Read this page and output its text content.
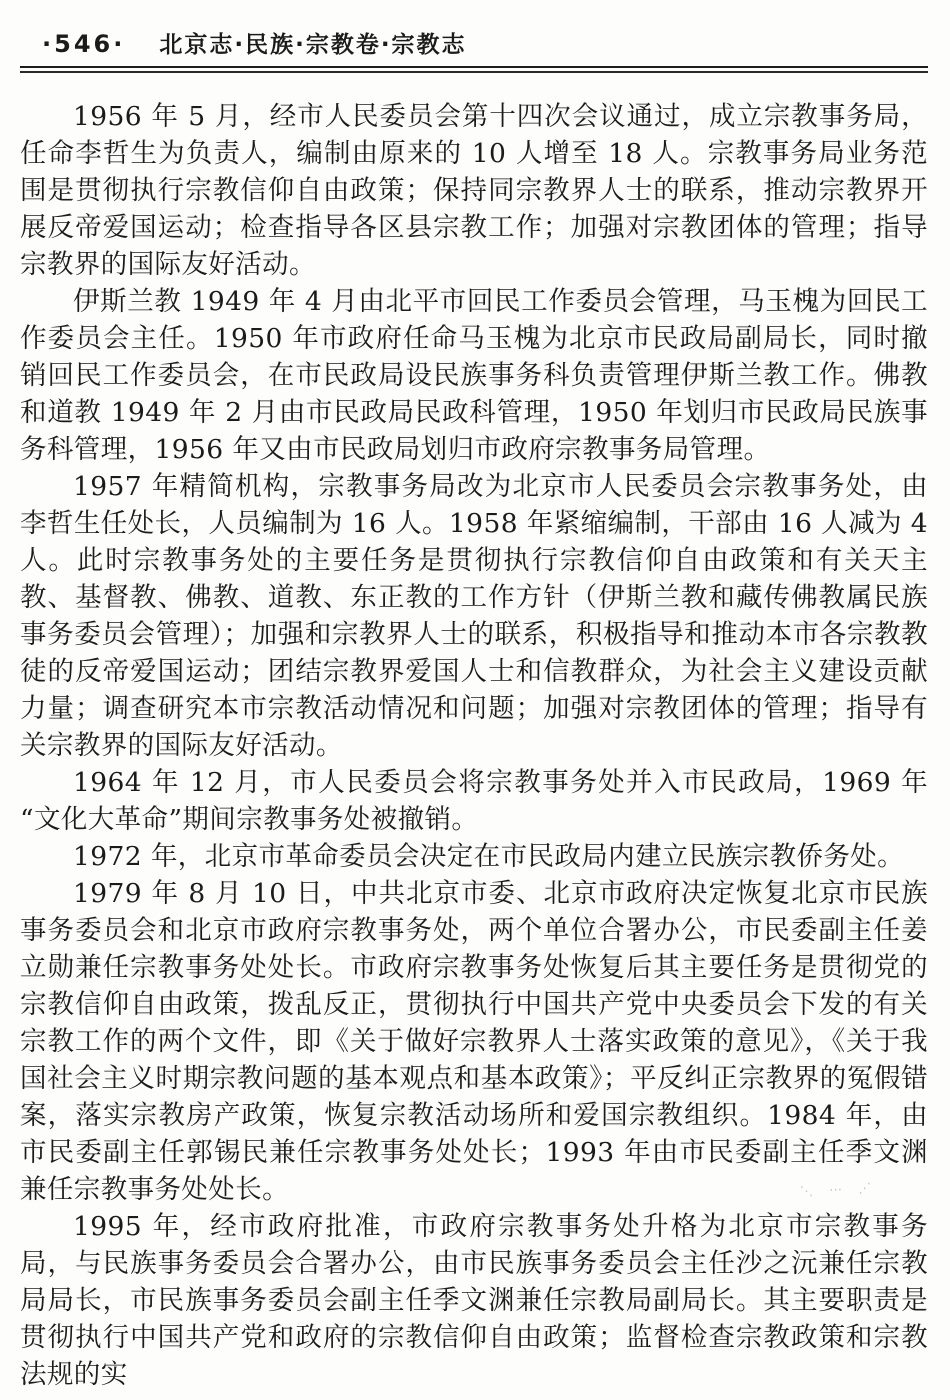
·546· 北京志·民族·宗教卷·宗教志

1956 年 5 月，经市人民委员会第十四次会议通过，成立宗教事务局，任命李哲生为负责人，编制由原来的 10 人增至 18 人。宗教事务局业务范围是贯彻执行宗教信仰自由政策；保持同宗教界人士的联系，推动宗教界开展反帝爱国运动；检查指导各区县宗教工作；加强对宗教团体的管理；指导宗教界的国际友好活动。

伊斯兰教 1949 年 4 月由北平市回民工作委员会管理，马玉槐为回民工作委员会主任。1950 年市政府任命马玉槐为北京市民政局副局长，同时撤销回民工作委员会，在市民政局设民族事务科负责管理伊斯兰教工作。佛教和道教 1949 年 2 月由市民政局民政科管理，1950 年划归市民政局民族事务科管理，1956 年又由市民政局划归市政府宗教事务局管理。

1957 年精简机构，宗教事务局改为北京市人民委员会宗教事务处，由李哲生任处长，人员编制为 16 人。1958 年紧缩编制，干部由 16 人减为 4 人。此时宗教事务处的主要任务是贯彻执行宗教信仰自由政策和有关天主教、基督教、佛教、道教、东正教的工作方针（伊斯兰教和藏传佛教属民族事务委员会管理）；加强和宗教界人士的联系，积极指导和推动本市各宗教教徒的反帝爱国运动；团结宗教界爱国人士和信教群众，为社会主义建设贡献力量；调查研究本市宗教活动情况和问题；加强对宗教团体的管理；指导有关宗教界的国际友好活动。

1964 年 12 月，市人民委员会将宗教事务处并入市民政局，1969 年“文化大革命”期间宗教事务处被撤销。

1972 年，北京市革命委员会决定在市民政局内建立民族宗教侨务处。

1979 年 8 月 10 日，中共北京市委、北京市政府决定恢复北京市民族事务委员会和北京市政府宗教事务处，两个单位合署办公，市民委副主任姜立勋兼任宗教事务处处长。市政府宗教事务处恢复后其主要任务是贯彻党的宗教信仰自由政策，拨乱反正，贯彻执行中国共产党中央委员会下发的有关宗教工作的两个文件，即《关于做好宗教界人士落实政策的意见》，《关于我国社会主义时期宗教问题的基本观点和基本政策》；平反纠正宗教界的冤假错案，落实宗教房产政策，恢复宗教活动场所和爱国宗教组织。1984 年，由市民委副主任郭锡民兼任宗教事务处处长；1993 年由市民委副主任季文渊兼任宗教事务处处长。

1995 年，经市政府批准，市政府宗教事务处升格为北京市宗教事务局，与民族事务委员会合署办公，由市民族事务委员会主任沙之沅兼任宗教局局长，市民族事务委员会副主任季文渊兼任宗教局副局长。其主要职责是贯彻执行中国共产党和政府的宗教信仰自由政策；监督检查宗教政策和宗教法规的实

⋱ ⋯ ⋰
